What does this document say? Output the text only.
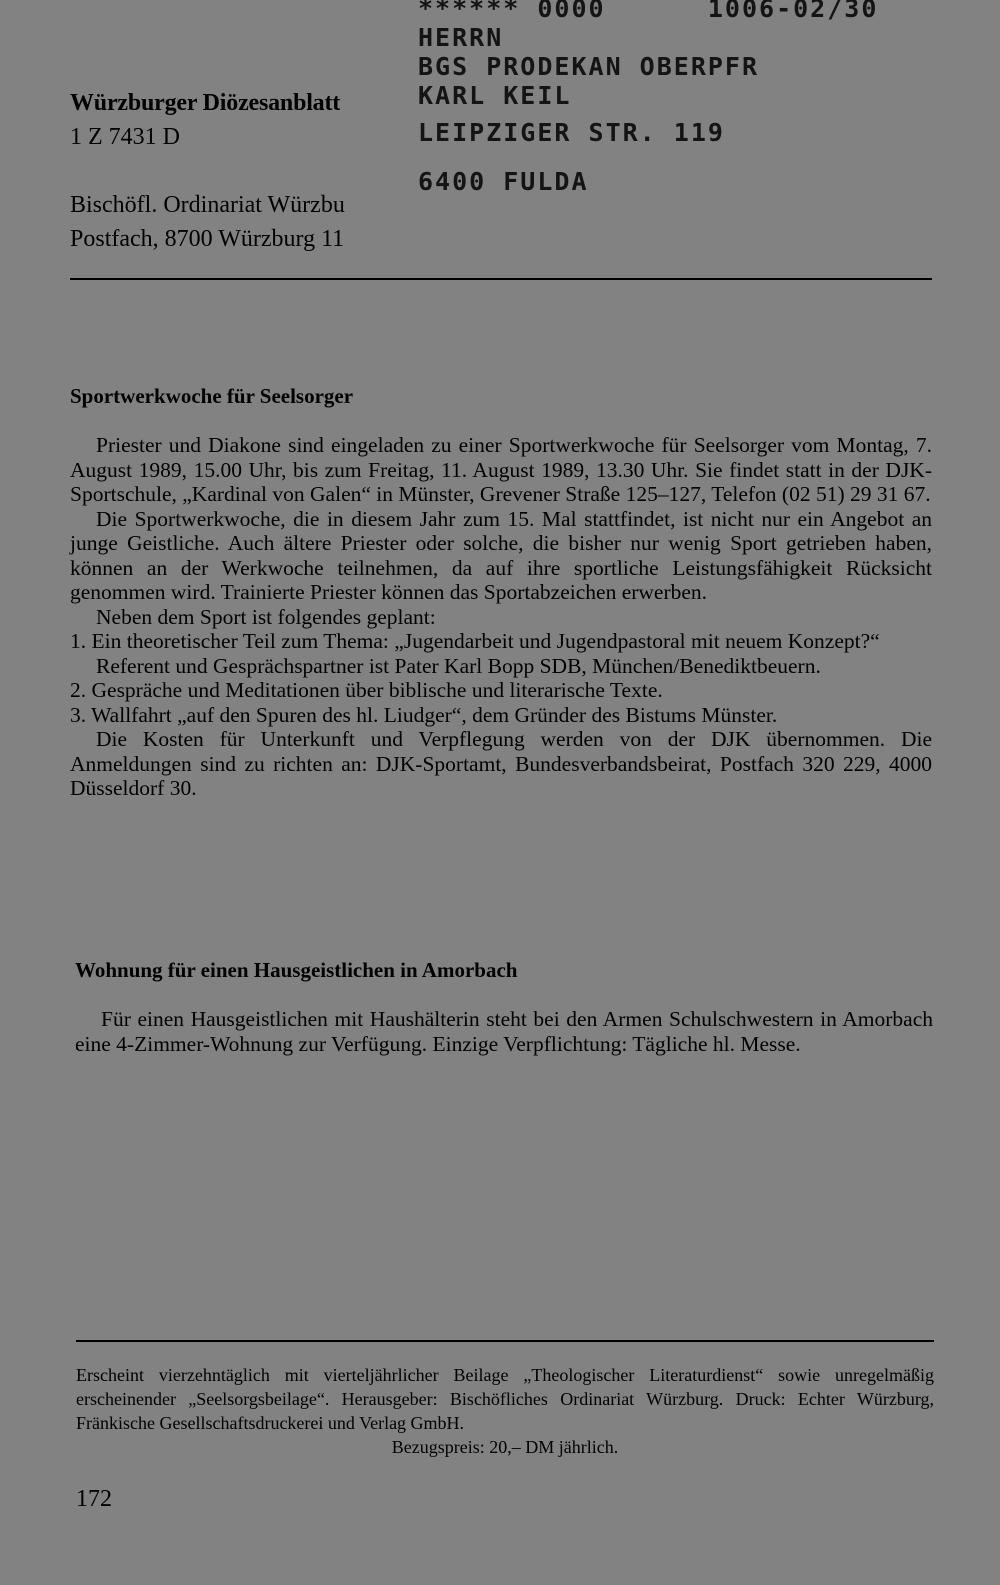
Würzburger Diözesanblatt
1 Z 7431 D
Bischöfl. Ordinariat Würzbu
Postfach, 8700 Würzburg 11
****** 0000      1006-02/30
HERRN
BGS PRODEKAN OBERPFR
KARL KEIL
LEIPZIGER STR. 119
6400 FULDA
Sportwerkwoche für Seelsorger

Priester und Diakone sind eingeladen zu einer Sportwerkwoche für Seelsorger vom Montag, 7. August 1989, 15.00 Uhr, bis zum Freitag, 11. August 1989, 13.30 Uhr. Sie findet statt in der DJK-Sportschule, „Kardinal von Galen“ in Münster, Grevener Straße 125–127, Telefon (02 51) 29 31 67.

Die Sportwerkwoche, die in diesem Jahr zum 15. Mal stattfindet, ist nicht nur ein Angebot an junge Geistliche. Auch ältere Priester oder solche, die bisher nur wenig Sport getrieben haben, können an der Werkwoche teilnehmen, da auf ihre sportliche Leistungsfähigkeit Rücksicht genommen wird. Trainierte Priester können das Sportabzeichen erwerben.

Neben dem Sport ist folgendes geplant:

1. Ein theoretischer Teil zum Thema: „Jugendarbeit und Jugendpastoral mit neuem Konzept?“

Referent und Gesprächspartner ist Pater Karl Bopp SDB, München/Benediktbeuern.

2. Gespräche und Meditationen über biblische und literarische Texte.

3. Wallfahrt „auf den Spuren des hl. Liudger“, dem Gründer des Bistums Münster.

Die Kosten für Unterkunft und Verpflegung werden von der DJK übernommen. Die Anmeldungen sind zu richten an: DJK-Sportamt, Bundesverbandsbeirat, Postfach 320 229, 4000 Düsseldorf 30.

Wohnung für einen Hausgeistlichen in Amorbach

Für einen Hausgeistlichen mit Haushälterin steht bei den Armen Schulschwestern in Amorbach eine 4-Zimmer-Wohnung zur Verfügung. Einzige Verpflichtung: Tägliche hl. Messe.

Erscheint vierzehntäglich mit vierteljährlicher Beilage „Theologischer Literaturdienst“ sowie unregelmäßig erscheinender „Seelsorgsbeilage“. Herausgeber: Bischöfliches Ordinariat Würzburg. Druck: Echter Würzburg, Fränkische Gesellschaftsdruckerei und Verlag GmbH.
Bezugspreis: 20,– DM jährlich.
172
